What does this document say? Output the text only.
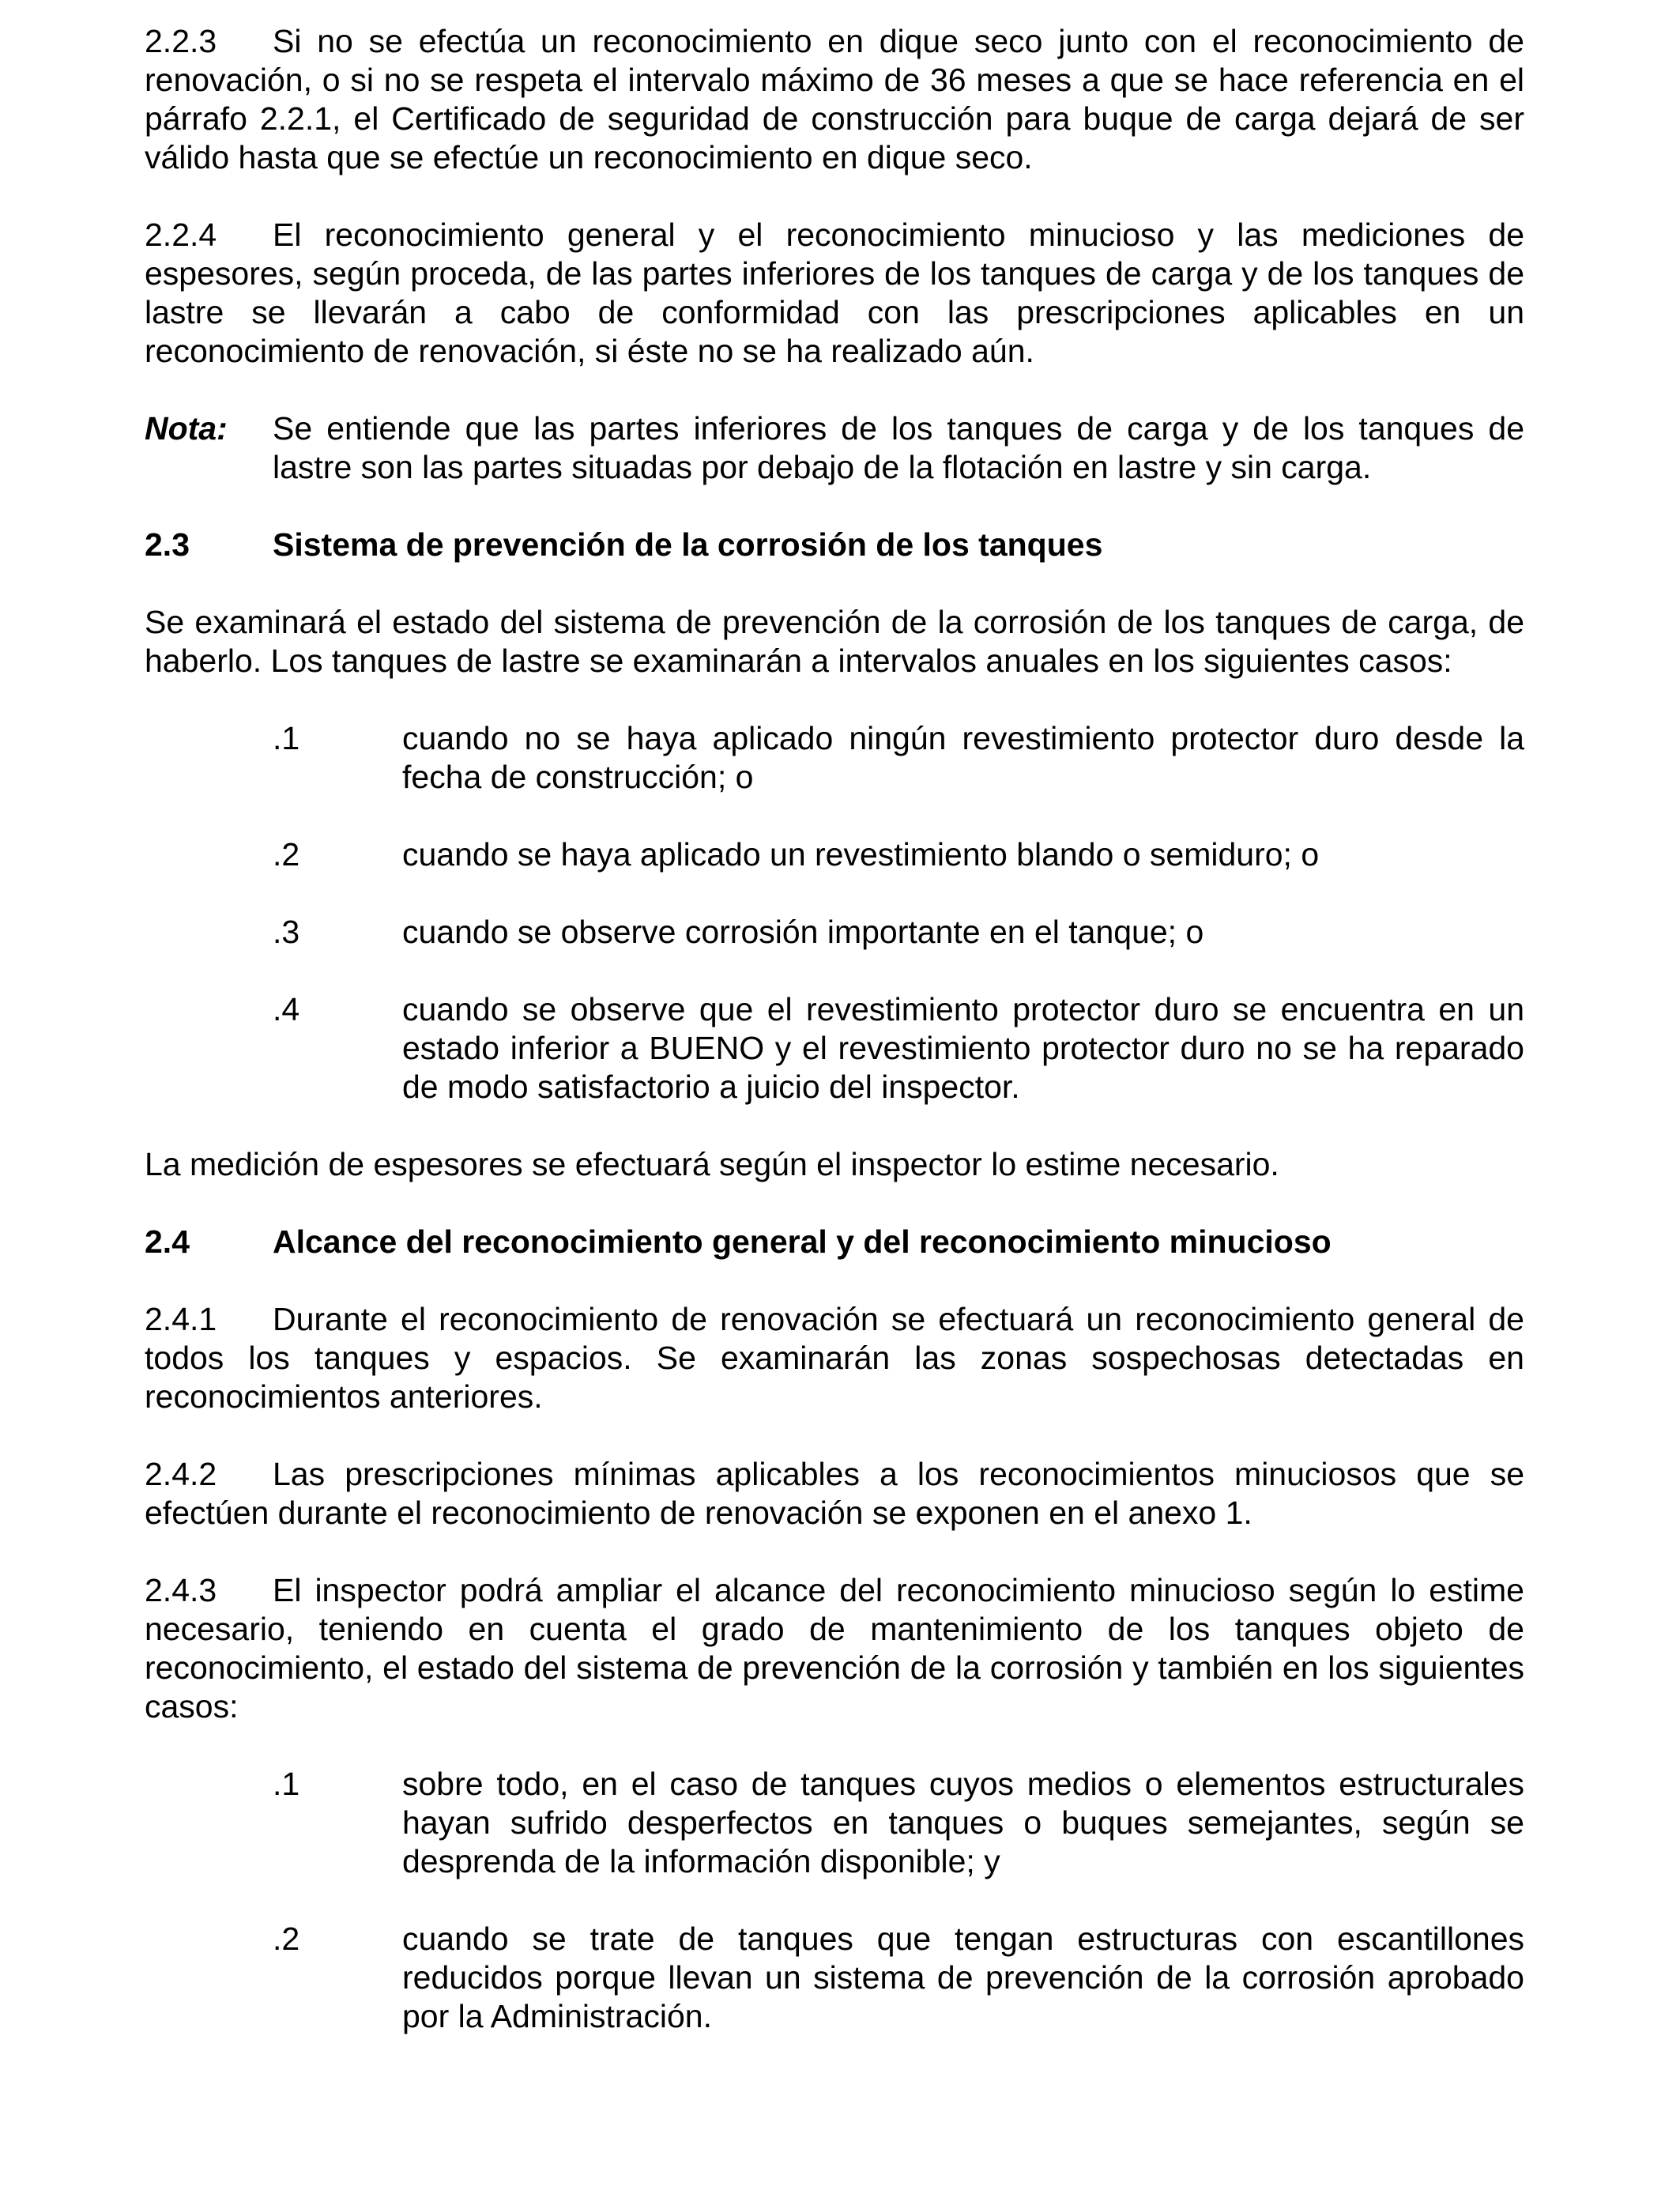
2.2.3 Si no se efectúa un reconocimiento en dique seco junto con el reconocimiento de renovación, o si no se respeta el intervalo máximo de 36 meses a que se hace referencia en el párrafo 2.2.1, el Certificado de seguridad de construcción para buque de carga dejará de ser válido hasta que se efectúe un reconocimiento en dique seco.

2.2.4 El reconocimiento general y el reconocimiento minucioso y las mediciones de espesores, según proceda, de las partes inferiores de los tanques de carga y de los tanques de lastre se llevarán a cabo de conformidad con las prescripciones aplicables en un reconocimiento de renovación, si éste no se ha realizado aún.

Nota:	Se entiende que las partes inferiores de los tanques de carga y de los tanques de lastre son las partes situadas por debajo de la flotación en lastre y sin carga.
2.3	Sistema de prevención de la corrosión de los tanques

Se examinará el estado del sistema de prevención de la corrosión de los tanques de carga, de haberlo. Los tanques de lastre se examinarán a intervalos anuales en los siguientes casos:

.1	cuando no se haya aplicado ningún revestimiento protector duro desde la fecha de construcción; o
.2	cuando se haya aplicado un revestimiento blando o semiduro; o
.3	cuando se observe corrosión importante en el tanque; o
.4	cuando se observe que el revestimiento protector duro se encuentra en un estado inferior a BUENO y el revestimiento protector duro no se ha reparado de modo satisfactorio a juicio del inspector.

La medición de espesores se efectuará según el inspector lo estime necesario.

2.4	Alcance del reconocimiento general y del reconocimiento minucioso

2.4.1 Durante el reconocimiento de renovación se efectuará un reconocimiento general de todos los tanques y espacios. Se examinarán las zonas sospechosas detectadas en reconocimientos anteriores.

2.4.2 Las prescripciones mínimas aplicables a los reconocimientos minuciosos que se efectúen durante el reconocimiento de renovación se exponen en el anexo 1.

2.4.3 El inspector podrá ampliar el alcance del reconocimiento minucioso según lo estime necesario, teniendo en cuenta el grado de mantenimiento de los tanques objeto de reconocimiento, el estado del sistema de prevención de la corrosión y también en los siguientes casos:

.1	sobre todo, en el caso de tanques cuyos medios o elementos estructurales hayan sufrido desperfectos en tanques o buques semejantes, según se desprenda de la información disponible; y
.2	cuando se trate de tanques que tengan estructuras con escantillones reducidos porque llevan un sistema de prevención de la corrosión aprobado por la Administración.
